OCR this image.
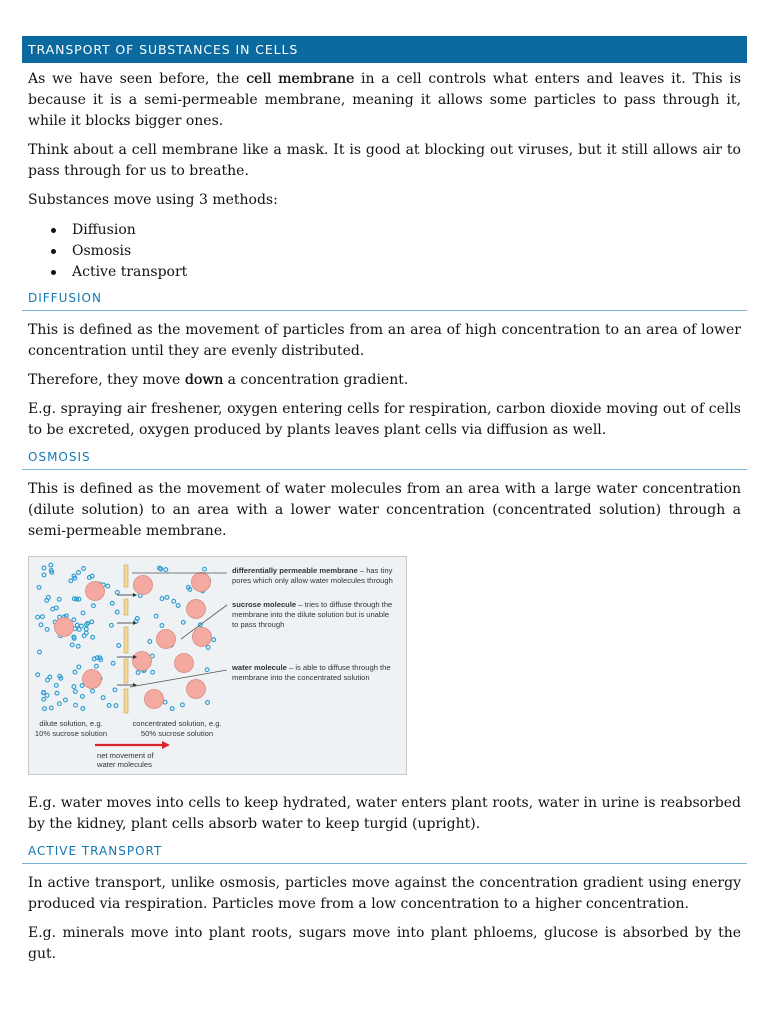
TRANSPORT OF SUBSTANCES IN CELLS

As we have seen before, the cell membrane in a cell controls what enters and leaves it. This is because it is a semi-permeable membrane, meaning it allows some particles to pass through it, while it blocks bigger ones.

Think about a cell membrane like a mask. It is good at blocking out viruses, but it still allows air to pass through for us to breathe.

Substances move using 3 methods:

Diffusion
Osmosis
Active transport
DIFFUSION

This is defined as the movement of particles from an area of high concentration to an area of lower concentration until they are evenly distributed.

Therefore, they move down a concentration gradient.

E.g. spraying air freshener, oxygen entering cells for respiration, carbon dioxide moving out of cells to be excreted, oxygen produced by plants leaves plant cells via diffusion as well.

OSMOSIS

This is defined as the movement of water molecules from an area with a large water concentration (dilute solution) to an area with a lower water concentration (concentrated solution) through a semi-permeable membrane.

differentially permeable membrane – has tiny
pores which only allow water molecules through
sucrose molecule – tries to diffuse through the
membrane into the dilute solution but is unable
to pass through
water molecule – is able to diffuse through the
membrane into the concentrated solution
dilute solution, e.g.
10% sucrose solution
concentrated solution, e.g.
50% sucrose solution
net movement of
water molecules

E.g. water moves into cells to keep hydrated, water enters plant roots, water in urine is reabsorbed by the kidney, plant cells absorb water to keep turgid (upright).

ACTIVE TRANSPORT

In active transport, unlike osmosis, particles move against the concentration gradient using energy produced via respiration. Particles move from a low concentration to a higher concentration.

E.g. minerals move into plant roots, sugars move into plant phloems, glucose is absorbed by the gut.
